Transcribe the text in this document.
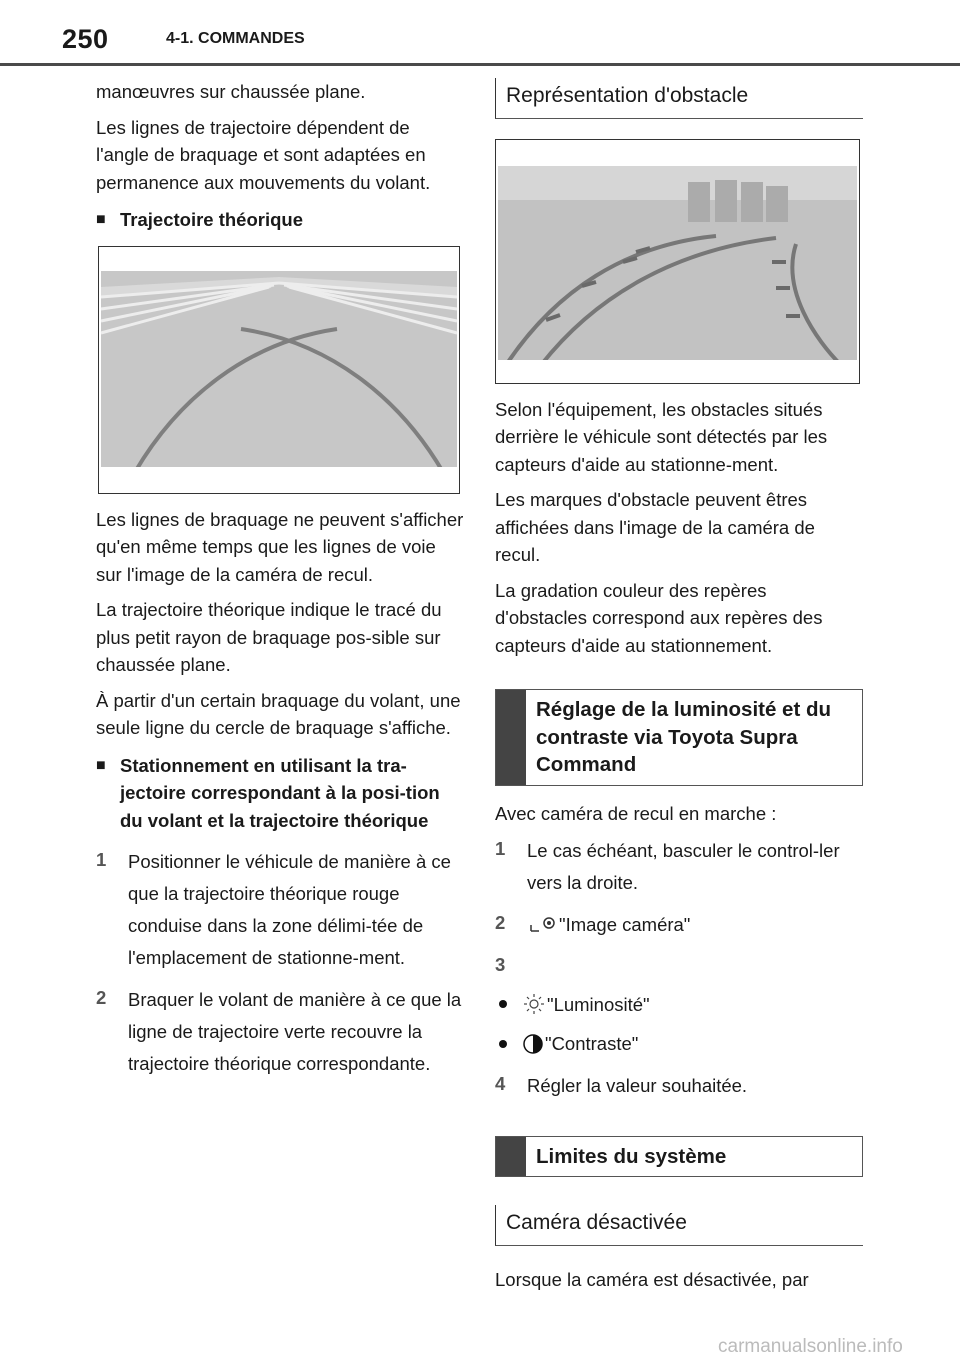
250	4-1. COMMANDES

manœuvres sur chaussée plane.

Les lignes de trajectoire dépendent de l'angle de braquage et sont adaptées en permanence aux mouvements du volant.

■ Trajectoire théorique

Les lignes de braquage ne peuvent s'afficher qu'en même temps que les lignes de voie sur l'image de la caméra de recul.

La trajectoire théorique indique le tracé du plus petit rayon de braquage pos-sible sur chaussée plane.

À partir d'un certain braquage du volant, une seule ligne du cercle de braquage s'affiche.

■ Stationnement en utilisant la tra-jectoire correspondant à la posi-tion du volant et la trajectoire théorique
1	Positionner le véhicule de manière à ce que la trajectoire théorique rouge conduise dans la zone délimi-tée de l'emplacement de stationne-ment.
2	Braquer le volant de manière à ce que la ligne de trajectoire verte recouvre la trajectoire théorique correspondante.
Représentation d'obstacle

Selon l'équipement, les obstacles situés derrière le véhicule sont détectés par les capteurs d'aide au stationne-ment.

Les marques d'obstacle peuvent êtres affichées dans l'image de la caméra de recul.

La gradation couleur des repères d'obstacles correspond aux repères des capteurs d'aide au stationnement.

Réglage de la luminosité et du contraste via Toyota Supra Command

Avec caméra de recul en marche :

1	Le cas échéant, basculer le control-ler vers la droite.
2	"Image caméra"
3
"Luminosité"
"Contraste"
4	Régler la valeur souhaitée.
Limites du système
Caméra désactivée

Lorsque la caméra est désactivée, par

carmanualsonline.info
